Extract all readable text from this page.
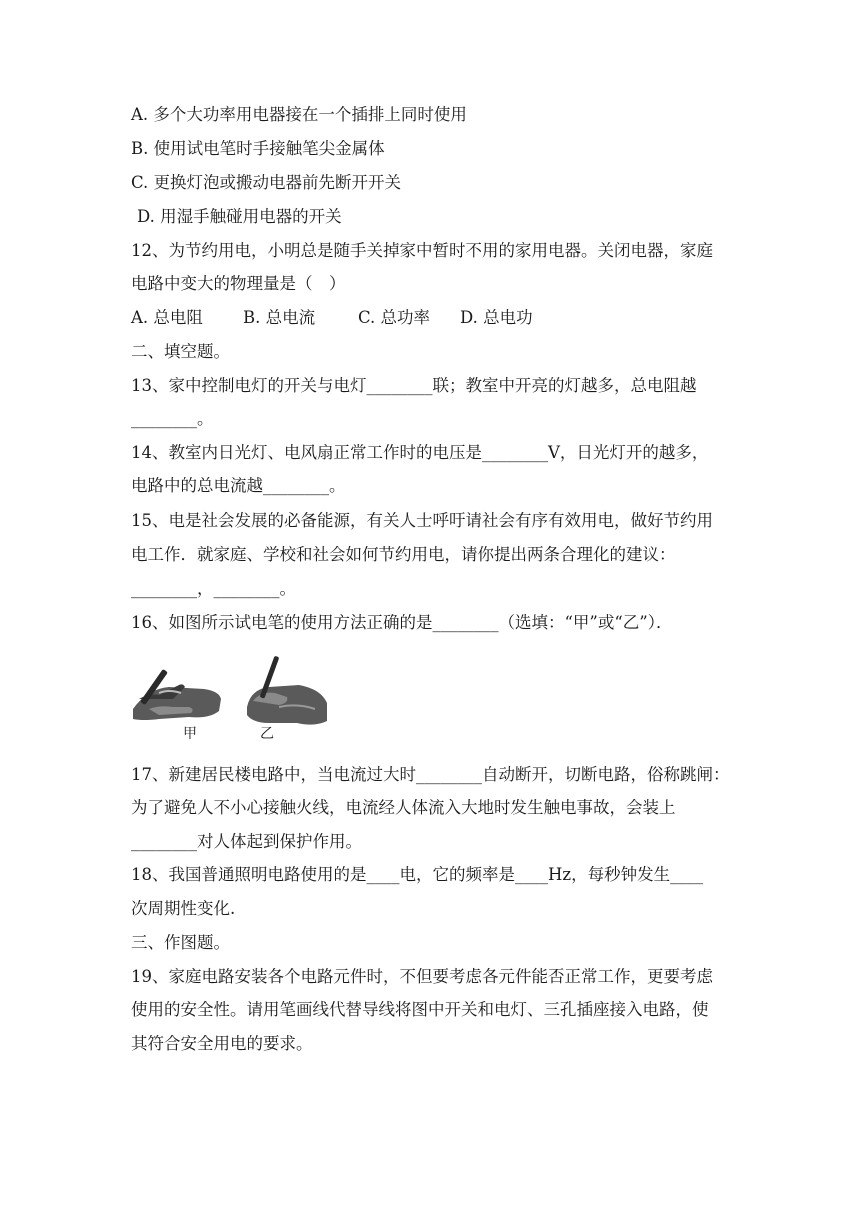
A. 多个大功率用电器接在一个插排上同时使用
B. 使用试电笔时手接触笔尖金属体
C. 更换灯泡或搬动电器前先断开开关
D. 用湿手触碰用电器的开关
12、为节约用电，小明总是随手关掉家中暂时不用的家用电器。关闭电器，家庭
电路中变大的物理量是（　）
A. 总电阻 B. 总电流	C. 总功率 D. 总电功
二、填空题。
13、家中控制电灯的开关与电灯________联；教室中开亮的灯越多，总电阻越
________。
14、教室内日光灯、电风扇正常工作时的电压是________V，日光灯开的越多，
电路中的总电流越________。
15、电是社会发展的必备能源，有关人士呼吁请社会有序有效用电，做好节约用
电工作．就家庭、学校和社会如何节约用电，请你提出两条合理化的建议：
________，________。
16、如图所示试电笔的使用方法正确的是________（选填：“甲”或“乙”）．
甲	乙
17、新建居民楼电路中，当电流过大时________自动断开，切断电路，俗称跳闸：
为了避免人不小心接触火线，电流经人体流入大地时发生触电事故，会装上
________对人体起到保护作用。
18、我国普通照明电路使用的是____电，它的频率是____Hz，每秒钟发生____
次周期性变化.
三、作图题。
19、家庭电路安装各个电路元件时，不但要考虑各元件能否正常工作，更要考虑
使用的安全性。请用笔画线代替导线将图中开关和电灯、三孔插座接入电路，使
其符合安全用电的要求。
